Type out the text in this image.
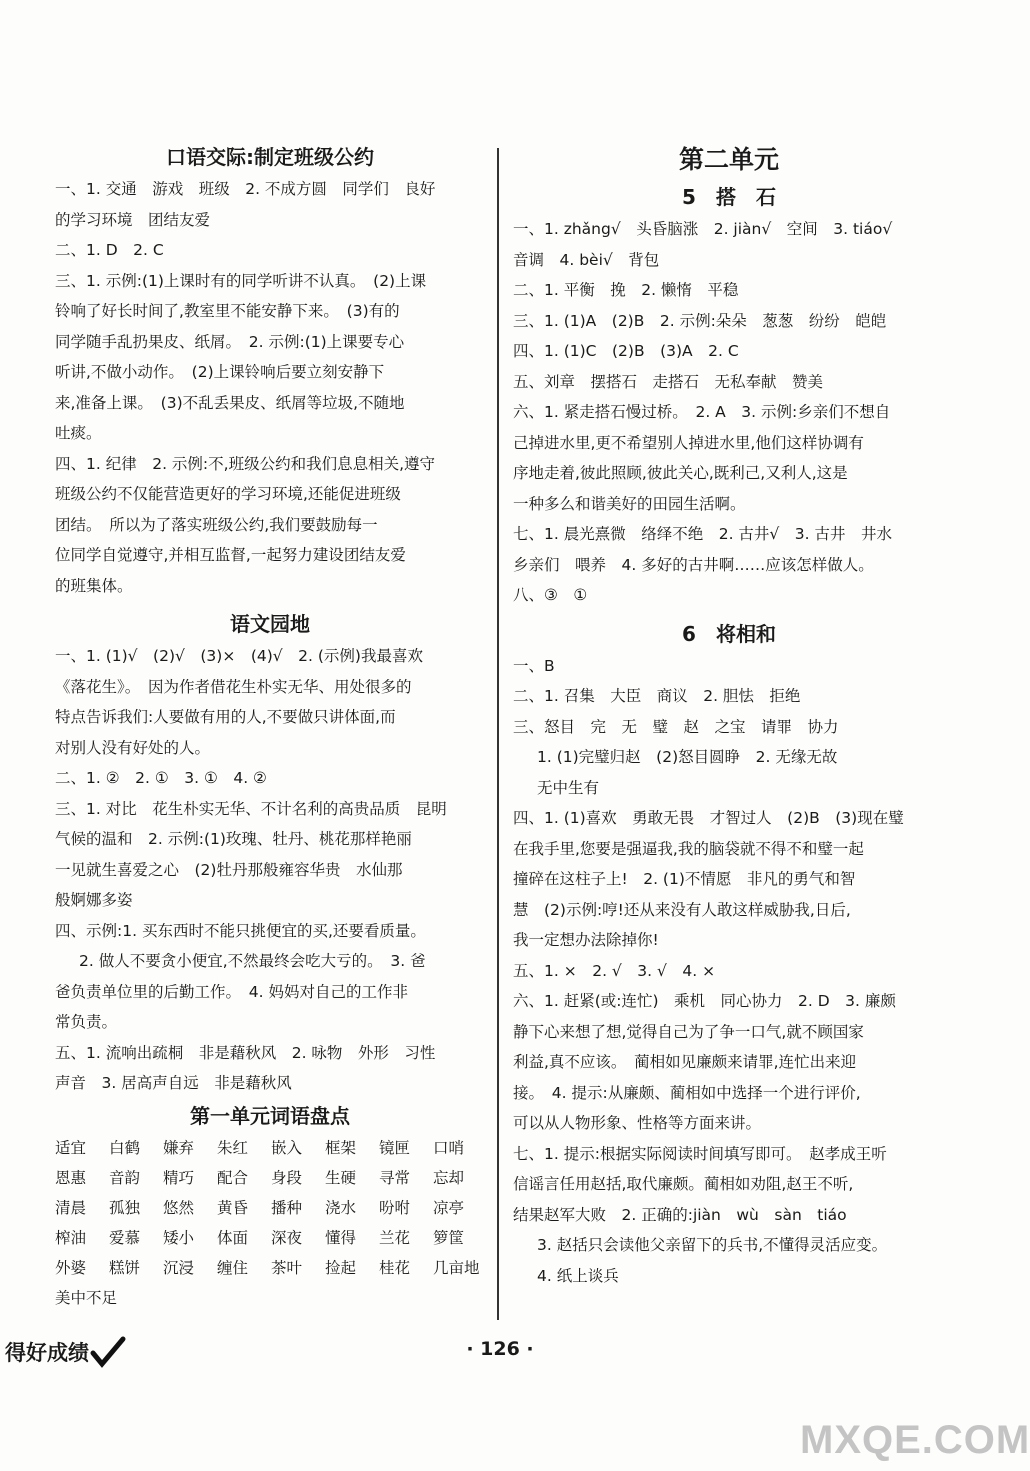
口语交际:制定班级公约
一、1. 交通　游戏　班级　2. 不成方圆　同学们　良好
的学习环境　团结友爱
二、1. D　2. C
三、1. 示例:(1)上课时有的同学听讲不认真。　(2)上课
铃响了好长时间了,教室里不能安静下来。　(3)有的
同学随手乱扔果皮、纸屑。　2. 示例:(1)上课要专心
听讲,不做小动作。　(2)上课铃响后要立刻安静下
来,准备上课。　(3)不乱丢果皮、纸屑等垃圾,不随地
吐痰。
四、1. 纪律　2. 示例:不,班级公约和我们息息相关,遵守
班级公约不仅能营造更好的学习环境,还能促进班级
团结。　所以为了落实班级公约,我们要鼓励每一
位同学自觉遵守,并相互监督,一起努力建设团结友爱
的班集体。
语文园地
一、1. (1)√　(2)√　(3)×　(4)√　2. (示例)我最喜欢
《落花生》。　因为作者借花生朴实无华、用处很多的
特点告诉我们:人要做有用的人,不要做只讲体面,而
对别人没有好处的人。
二、1. ②　2. ①　3. ①　4. ②
三、1. 对比　花生朴实无华、不计名利的高贵品质　昆明
气候的温和　2. 示例:(1)玫瑰、牡丹、桃花那样艳丽
一见就生喜爱之心　(2)牡丹那般雍容华贵　水仙那
般婀娜多姿
四、示例:1. 买东西时不能只挑便宜的买,还要看质量。
2. 做人不要贪小便宜,不然最终会吃大亏的。　3. 爸
爸负责单位里的后勤工作。　4. 妈妈对自己的工作非
常负责。
五、1. 流响出疏桐　非是藉秋风　2. 咏物　外形　习性
声音　3. 居高声自远　非是藉秋风
第一单元词语盘点
适宜	白鹤	嫌弃	朱红	嵌入	框架	镜匣	口哨
恩惠	音韵	精巧	配合	身段	生硬	寻常	忘却
清晨	孤独	悠然	黄昏	播种	浇水	吩咐	凉亭
榨油	爱慕	矮小	体面	深夜	懂得	兰花	箩筐
外婆	糕饼	沉浸	缠住	茶叶	捡起	桂花	几亩地
美中不足
第二单元
5　搭　石
一、1. zhǎng√　头昏脑涨　2. jiàn√　空间　3. tiáo√
音调　4. bèi√　背包
二、1. 平衡　挽　2. 懒惰　平稳
三、1. (1)A　(2)B　2. 示例:朵朵　葱葱　纷纷　皑皑
四、1. (1)C　(2)B　(3)A　2. C
五、刘章　摆搭石　走搭石　无私奉献　赞美
六、1. 紧走搭石慢过桥。　2. A　3. 示例:乡亲们不想自
己掉进水里,更不希望别人掉进水里,他们这样协调有
序地走着,彼此照顾,彼此关心,既利己,又利人,这是
一种多么和谐美好的田园生活啊。
七、1. 晨光熹微　络绎不绝　2. 古井√　3. 古井　井水
乡亲们　喂养　4. 多好的古井啊……应该怎样做人。
八、③　①
6　将相和
一、B
二、1. 召集　大臣　商议　2. 胆怯　拒绝
三、怒目　完　无　璧　赵　之宝　请罪　协力
1. (1)完璧归赵　(2)怒目圆睁　2. 无缘无故
无中生有
四、1. (1)喜欢　勇敢无畏　才智过人　(2)B　(3)现在璧
在我手里,您要是强逼我,我的脑袋就不得不和璧一起
撞碎在这柱子上!　2. (1)不情愿　非凡的勇气和智
慧　(2)示例:哼!还从来没有人敢这样威胁我,日后,
我一定想办法除掉你!
五、1. ×　2. √　3. √　4. ×
六、1. 赶紧(或:连忙)　乘机　同心协力　2. D　3. 廉颇
静下心来想了想,觉得自己为了争一口气,就不顾国家
利益,真不应该。　蔺相如见廉颇来请罪,连忙出来迎
接。　4. 提示:从廉颇、蔺相如中选择一个进行评价,
可以从人物形象、性格等方面来讲。
七、1. 提示:根据实际阅读时间填写即可。　赵孝成王听
信谣言任用赵括,取代廉颇。蔺相如劝阻,赵王不听,
结果赵军大败　2. 正确的:jiàn　wù　sàn　tiáo
3. 赵括只会读他父亲留下的兵书,不懂得灵活应变。
4. 纸上谈兵
得好成绩	· 126 ·
MXQE.COM
